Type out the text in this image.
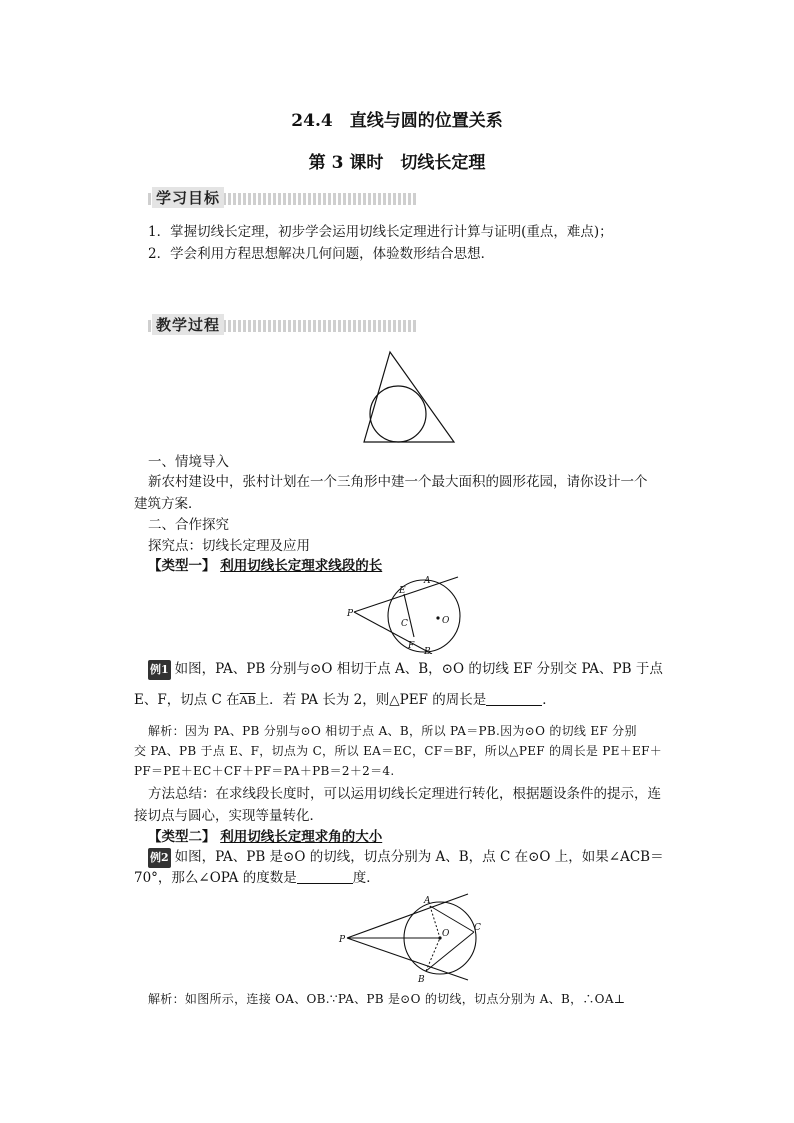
24.4　直线与圆的位置关系
第 3 课时　切线长定理
学习目标
1．掌握切线长定理，初步学会运用切线长定理进行计算与证明(重点，难点)；
2．学会利用方程思想解决几何问题，体验数形结合思想．
教学过程
一、情境导入
新农村建设中，张村计划在一个三角形中建一个最大面积的圆形花园，请你设计一个
建筑方案．
二、合作探究
探究点：切线长定理及应用
【类型一】 利用切线长定理求线段的长
A
E
P
C	O
F
B
例1 如图，PA、PB 分别与⊙O 相切于点 A、B，⊙O 的切线 EF 分别交 PA、PB 于点
E、F，切点 C 在$\overline{AB}$上．若 PA 长为 2，则△PEF 的周长是	．
解析：因为 PA、PB 分别与⊙O 相切于点 A、B，所以 PA＝PB.因为⊙O 的切线 EF 分别
交 PA、PB 于点 E、F，切点为 C，所以 EA＝EC，CF＝BF，所以△PEF 的周长是 PE＋EF＋
PF＝PE＋EC＋CF＋PF＝PA＋PB＝2＋2＝4.
方法总结：在求线段长度时，可以运用切线长定理进行转化，根据题设条件的提示，连
接切点与圆心，实现等量转化．
【类型二】 利用切线长定理求角的大小
例2 如图，PA、PB 是⊙O 的切线，切点分别为 A、B，点 C 在⊙O 上，如果∠ACB＝
70°，那么∠OPA 的度数是	度．
A
P
O
C
B
解析：如图所示，连接 OA、OB.∵PA、PB 是⊙O 的切线，切点分别为 A、B，∴OA⊥
